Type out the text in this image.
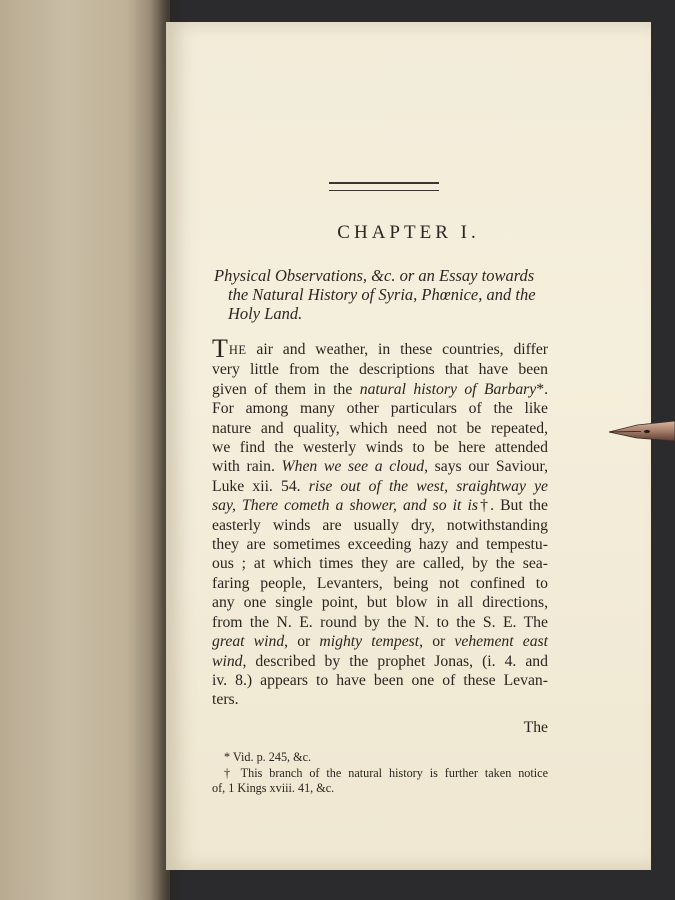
CHAPTER I.
Physical Observations, &c. or an Essay towards
the Natural History of Syria, Phœnice, and the
Holy Land.
THE air and weather, in these countries, differ
very little from the descriptions that have been
given of them in the natural history of Barbary*.
For among many other particulars of the like
nature and quality, which need not be repeated,
we find the westerly winds to be here attended
with rain. When we see a cloud, says our Saviour,
Luke xii. 54. rise out of the west, sraightway ye
say, There cometh a shower, and so it is†. But the
easterly winds are usually dry, notwithstanding
they are sometimes exceeding hazy and tempestu-
ous ; at which times they are called, by the sea-
faring people, Levanters, being not confined to
any one single point, but blow in all directions,
from the N. E. round by the N. to the S. E. The
great wind, or mighty tempest, or vehement east
wind, described by the prophet Jonas, (i. 4. and
iv. 8.) appears to have been one of these Levan-
ters.
The
* Vid. p. 245, &c.
† This branch of the natural history is further taken notice
of, 1 Kings xviii. 41, &c.
